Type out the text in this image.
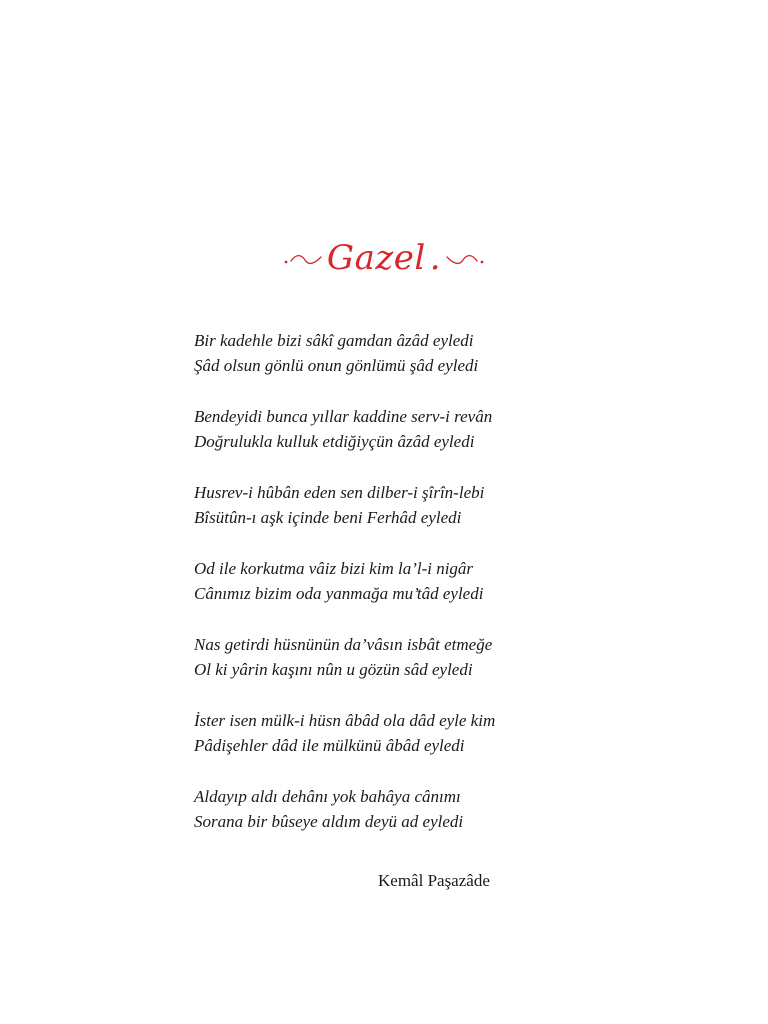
Gazel .
Bir kadehle bizi sâkî gamdan âzâd eyledi
Şâd olsun gönlü onun gönlümü şâd eyledi
Bendeyidi bunca yıllar kaddine serv-i revân
Doğrulukla kulluk etdiğiyçün âzâd eyledi
Husrev-i hûbân eden sen dilber-i şîrîn-lebi
Bîsütûn-ı aşk içinde beni Ferhâd eyledi
Od ile korkutma vâiz bizi kim la’l-i nigâr
Cânımız bizim oda yanmağa mu’tâd eyledi
Nas getirdi hüsnünün da’vâsın isbât etmeğe
Ol ki yârin kaşını nûn u gözün sâd eyledi
İster isen mülk-i hüsn âbâd ola dâd eyle kim
Pâdişehler dâd ile mülkünü âbâd eyledi
Aldayıp aldı dehânı yok bahâya cânımı
Sorana bir bûseye aldım deyü ad eyledi
Kemâl Paşazâde
